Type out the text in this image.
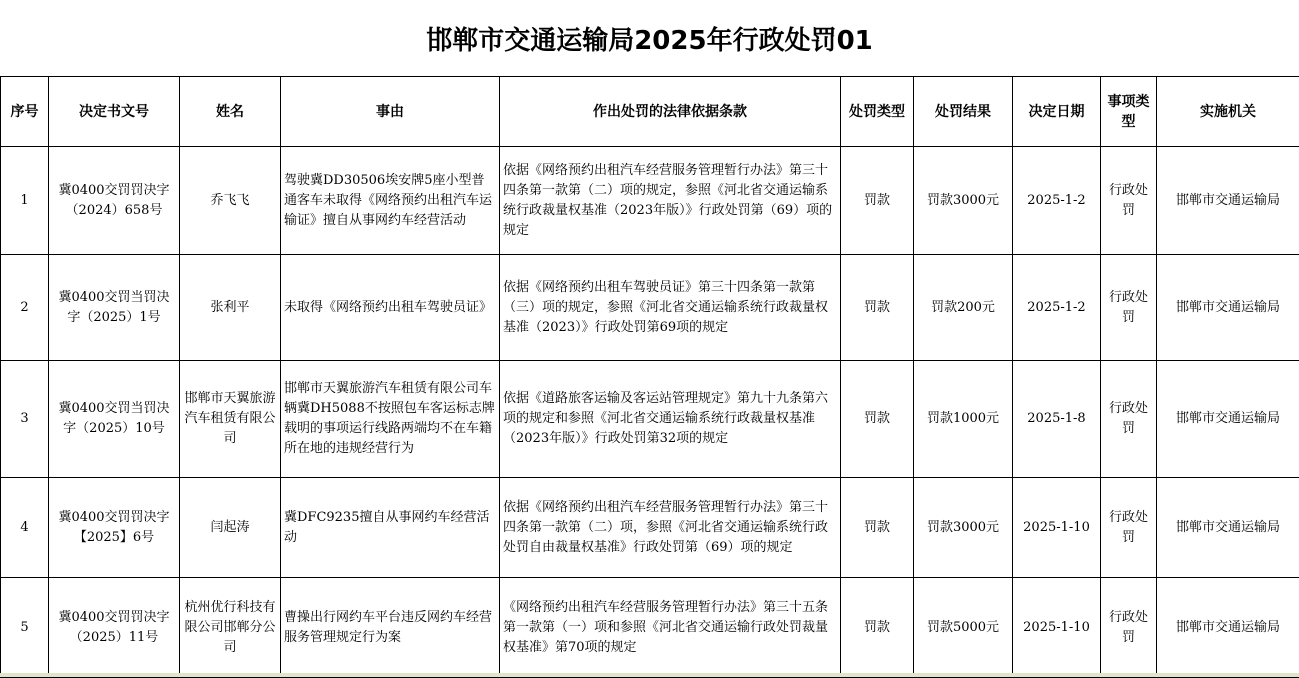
邯郸市交通运输局2025年行政处罚01
序号	决定书文号	姓名	事由	作出处罚的法律依据条款	处罚类型	处罚结果	决定日期	事项类型	实施机关
1	冀0400交罚罚决字（2024）658号	乔飞飞	驾驶冀DD30506埃安牌5座小型普通客车未取得《网络预约出租汽车运输证》擅自从事网约车经营活动	依据《网络预约出租汽车经营服务管理暂行办法》第三十四条第一款第（二）项的规定，参照《河北省交通运输系统行政裁量权基准（2023年版）》行政处罚第（69）项的规定	罚款	罚款3000元	2025-1-2	行政处罚	邯郸市交通运输局
2	冀0400交罚当罚决字（2025）1号	张利平	未取得《网络预约出租车驾驶员证》	依据《网络预约出租车驾驶员证》第三十四条第一款第（三）项的规定，参照《河北省交通运输系统行政裁量权基准（2023）》行政处罚第69项的规定	罚款	罚款200元	2025-1-2	行政处罚	邯郸市交通运输局
3	冀0400交罚当罚决字（2025）10号	邯郸市天翼旅游汽车租赁有限公司	邯郸市天翼旅游汽车租赁有限公司车辆冀DH5088不按照包车客运标志牌载明的事项运行线路两端均不在车籍所在地的违规经营行为	依据《道路旅客运输及客运站管理规定》第九十九条第六项的规定和参照《河北省交通运输系统行政裁量权基准（2023年版）》行政处罚第32项的规定	罚款	罚款1000元	2025-1-8	行政处罚	邯郸市交通运输局
4	冀0400交罚罚决字【2025】6号	闫起涛	冀DFC9235擅自从事网约车经营活动	依据《网络预约出租汽车经营服务管理暂行办法》第三十四条第一款第（二）项，参照《河北省交通运输系统行政处罚自由裁量权基准》行政处罚第（69）项的规定	罚款	罚款3000元	2025-1-10	行政处罚	邯郸市交通运输局
5	冀0400交罚罚决字（2025）11号	杭州优行科技有限公司邯郸分公司	曹操出行网约车平台违反网约车经营服务管理规定行为案	《网络预约出租汽车经营服务管理暂行办法》第三十五条第一款第（一）项和参照《河北省交通运输行政处罚裁量权基准》第70项的规定	罚款	罚款5000元	2025-1-10	行政处罚	邯郸市交通运输局
